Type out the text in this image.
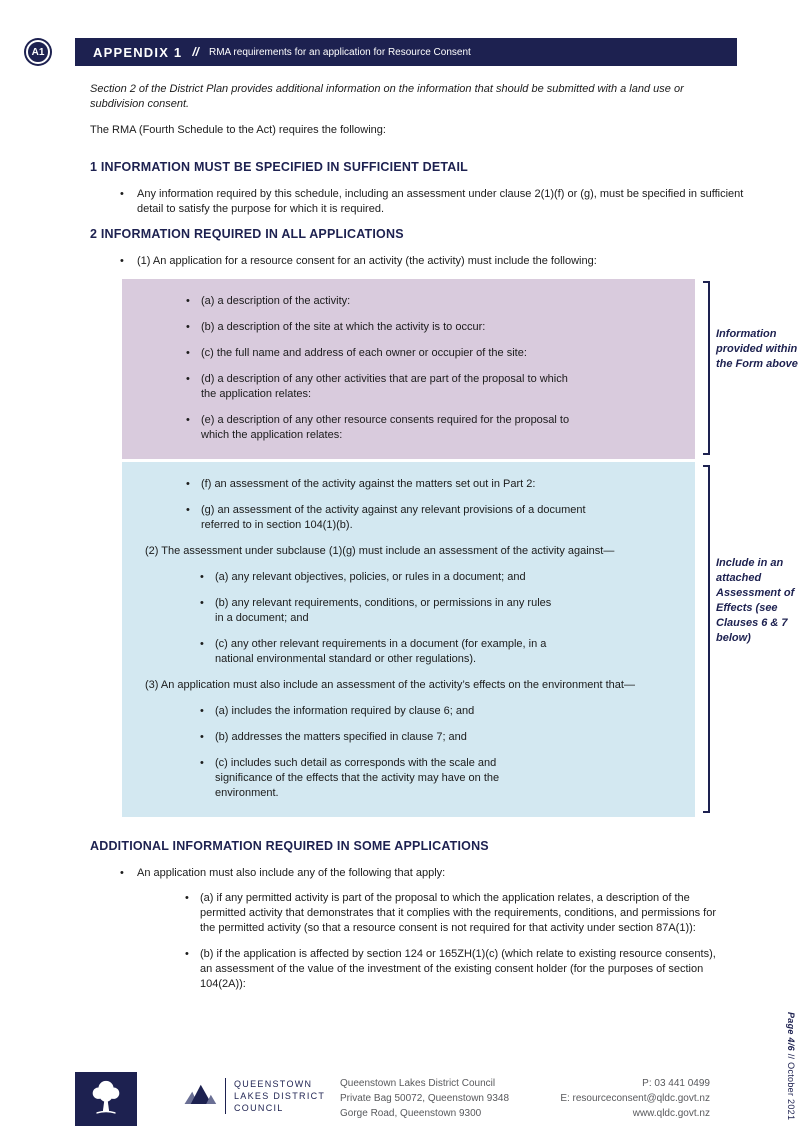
A1	APPENDIX 1 // RMA requirements for an application for Resource Consent

Section 2 of the District Plan provides additional information on the information that should be submitted with a land use or subdivision consent.

The RMA (Fourth Schedule to the Act) requires the following:

1 INFORMATION MUST BE SPECIFIED IN SUFFICIENT DETAIL
• Any information required by this schedule, including an assessment under clause 2(1)(f) or (g), must be specified in sufficient detail to satisfy the purpose for which it is required.
2 INFORMATION REQUIRED IN ALL APPLICATIONS
• (1) An application for a resource consent for an activity (the activity) must include the following:
• (a) a description of the activity:
• (b) a description of the site at which the activity is to occur:
• (c) the full name and address of each owner or occupier of the site:
• (d) a description of any other activities that are part of the proposal to which the application relates:
• (e) a description of any other resource consents required for the proposal to which the application relates:
Information provided within the Form above
• (f) an assessment of the activity against the matters set out in Part 2:
• (g) an assessment of the activity against any relevant provisions of a document referred to in section 104(1)(b).
(2) The assessment under subclause (1)(g) must include an assessment of the activity against—
• (a) any relevant objectives, policies, or rules in a document; and
• (b) any relevant requirements, conditions, or permissions in any rules in a document; and
• (c) any other relevant requirements in a document (for example, in a national environmental standard or other regulations).
(3) An application must also include an assessment of the activity’s effects on the environment that—
• (a) includes the information required by clause 6; and
• (b) addresses the matters specified in clause 7; and
• (c) includes such detail as corresponds with the scale and significance of the effects that the activity may have on the environment.
Include in an attached Assessment of Effects (see Clauses 6 & 7 below)
ADDITIONAL INFORMATION REQUIRED IN SOME APPLICATIONS
• An application must also include any of the following that apply:
• (a) if any permitted activity is part of the proposal to which the application relates, a description of the permitted activity that demonstrates that it complies with the requirements, conditions, and permissions for the permitted activity (so that a resource consent is not required for that activity under section 87A(1)):
• (b) if the application is affected by section 124 or 165ZH(1)(c) (which relate to existing resource consents), an assessment of the value of the investment of the existing consent holder (for the purposes of section 104(2A)):
QUEENSTOWN
LAKES DISTRICT
COUNCIL
Queenstown Lakes District Council
Private Bag 50072, Queenstown 9348
Gorge Road, Queenstown 9300
P: 03 441 0499
E: resourceconsent@qldc.govt.nz
www.qldc.govt.nz
Page 4/6 // October 2021
